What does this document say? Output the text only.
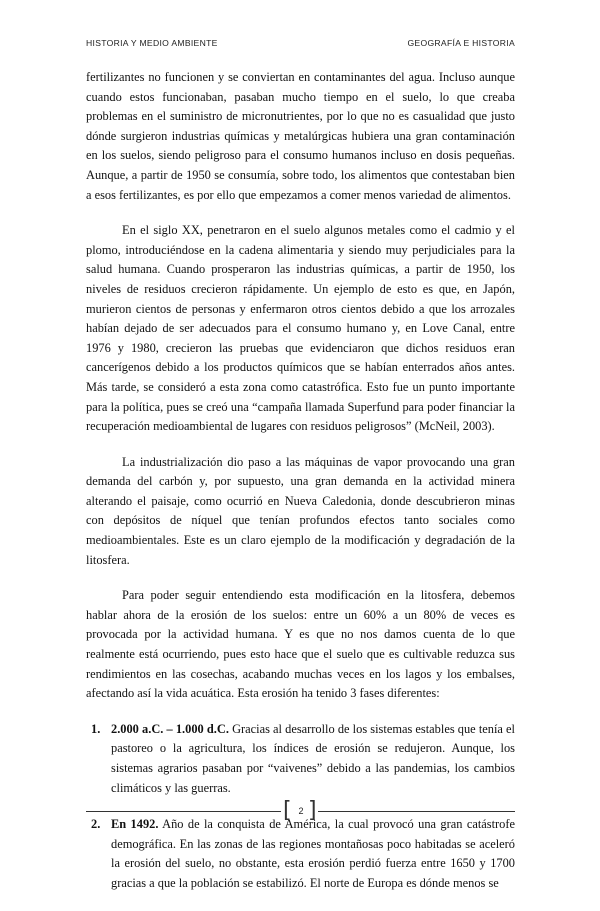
HISTORIA Y MEDIO AMBIENTE	GEOGRAFÍA E HISTORIA

fertilizantes no funcionen y se conviertan en contaminantes del agua. Incluso aunque cuando estos funcionaban, pasaban mucho tiempo en el suelo, lo que creaba problemas en el suministro de micronutrientes, por lo que no es casualidad que justo dónde surgieron industrias químicas y metalúrgicas hubiera una gran contaminación en los suelos, siendo peligroso para el consumo humanos incluso en dosis pequeñas. Aunque, a partir de 1950 se consumía, sobre todo, los alimentos que contestaban bien a esos fertilizantes, es por ello que empezamos a comer menos variedad de alimentos.

En el siglo XX, penetraron en el suelo algunos metales como el cadmio y el plomo, introduciéndose en la cadena alimentaria y siendo muy perjudiciales para la salud humana. Cuando prosperaron las industrias químicas, a partir de 1950, los niveles de residuos crecieron rápidamente. Un ejemplo de esto es que, en Japón, murieron cientos de personas y enfermaron otros cientos debido a que los arrozales habían dejado de ser adecuados para el consumo humano y, en Love Canal, entre 1976 y 1980, crecieron las pruebas que evidenciaron que dichos residuos eran cancerígenos debido a los productos químicos que se habían enterrados años antes. Más tarde, se consideró a esta zona como catastrófica. Esto fue un punto importante para la política, pues se creó una “campaña llamada Superfund para poder financiar la recuperación medioambiental de lugares con residuos peligrosos” (McNeil, 2003).

La industrialización dio paso a las máquinas de vapor provocando una gran demanda del carbón y, por supuesto, una gran demanda en la actividad minera alterando el paisaje, como ocurrió en Nueva Caledonia, donde descubrieron minas con depósitos de níquel que tenían profundos efectos tanto sociales como medioambientales. Este es un claro ejemplo de la modificación y degradación de la litosfera.

Para poder seguir entendiendo esta modificación en la litosfera, debemos hablar ahora de la erosión de los suelos: entre un 60% a un 80% de veces es provocada por la actividad humana. Y es que no nos damos cuenta de lo que realmente está ocurriendo, pues esto hace que el suelo que es cultivable reduzca sus rendimientos en las cosechas, acabando muchas veces en los lagos y los embalses, afectando así la vida acuática. Esta erosión ha tenido 3 fases diferentes:

1. 2.000 a.C. – 1.000 d.C. Gracias al desarrollo de los sistemas estables que tenía el pastoreo o la agricultura, los índices de erosión se redujeron. Aunque, los sistemas agrarios pasaban por “vaivenes” debido a las pandemias, los cambios climáticos y las guerras.
2. En 1492. Año de la conquista de América, la cual provocó una gran catástrofe demográfica. En las zonas de las regiones montañosas poco habitadas se aceleró la erosión del suelo, no obstante, esta erosión perdió fuerza entre 1650 y 1700 gracias a que la población se estabilizó. El norte de Europa es dónde menos se
[ 2 ]
